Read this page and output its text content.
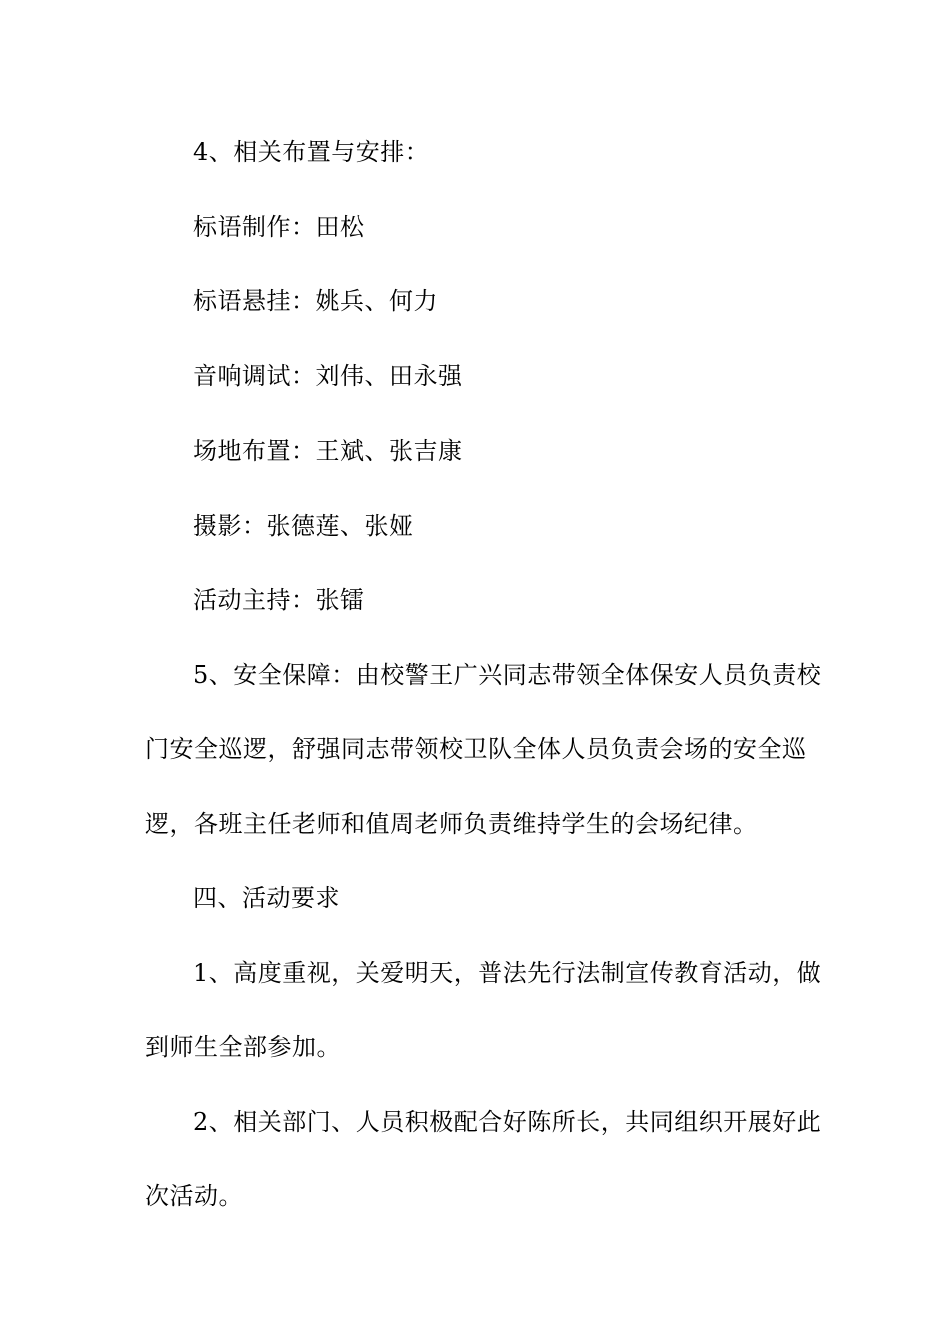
4、相关布置与安排：
标语制作：田松
标语悬挂：姚兵、何力
音响调试：刘伟、田永强
场地布置：王斌、张吉康
摄影：张德莲、张娅
活动主持：张镭
5、安全保障：由校警王广兴同志带领全体保安人员负责校
门安全巡逻，舒强同志带领校卫队全体人员负责会场的安全巡
逻，各班主任老师和值周老师负责维持学生的会场纪律。
四、活动要求
1、高度重视，关爱明天，普法先行法制宣传教育活动，做
到师生全部参加。
2、相关部门、人员积极配合好陈所长，共同组织开展好此
次活动。
